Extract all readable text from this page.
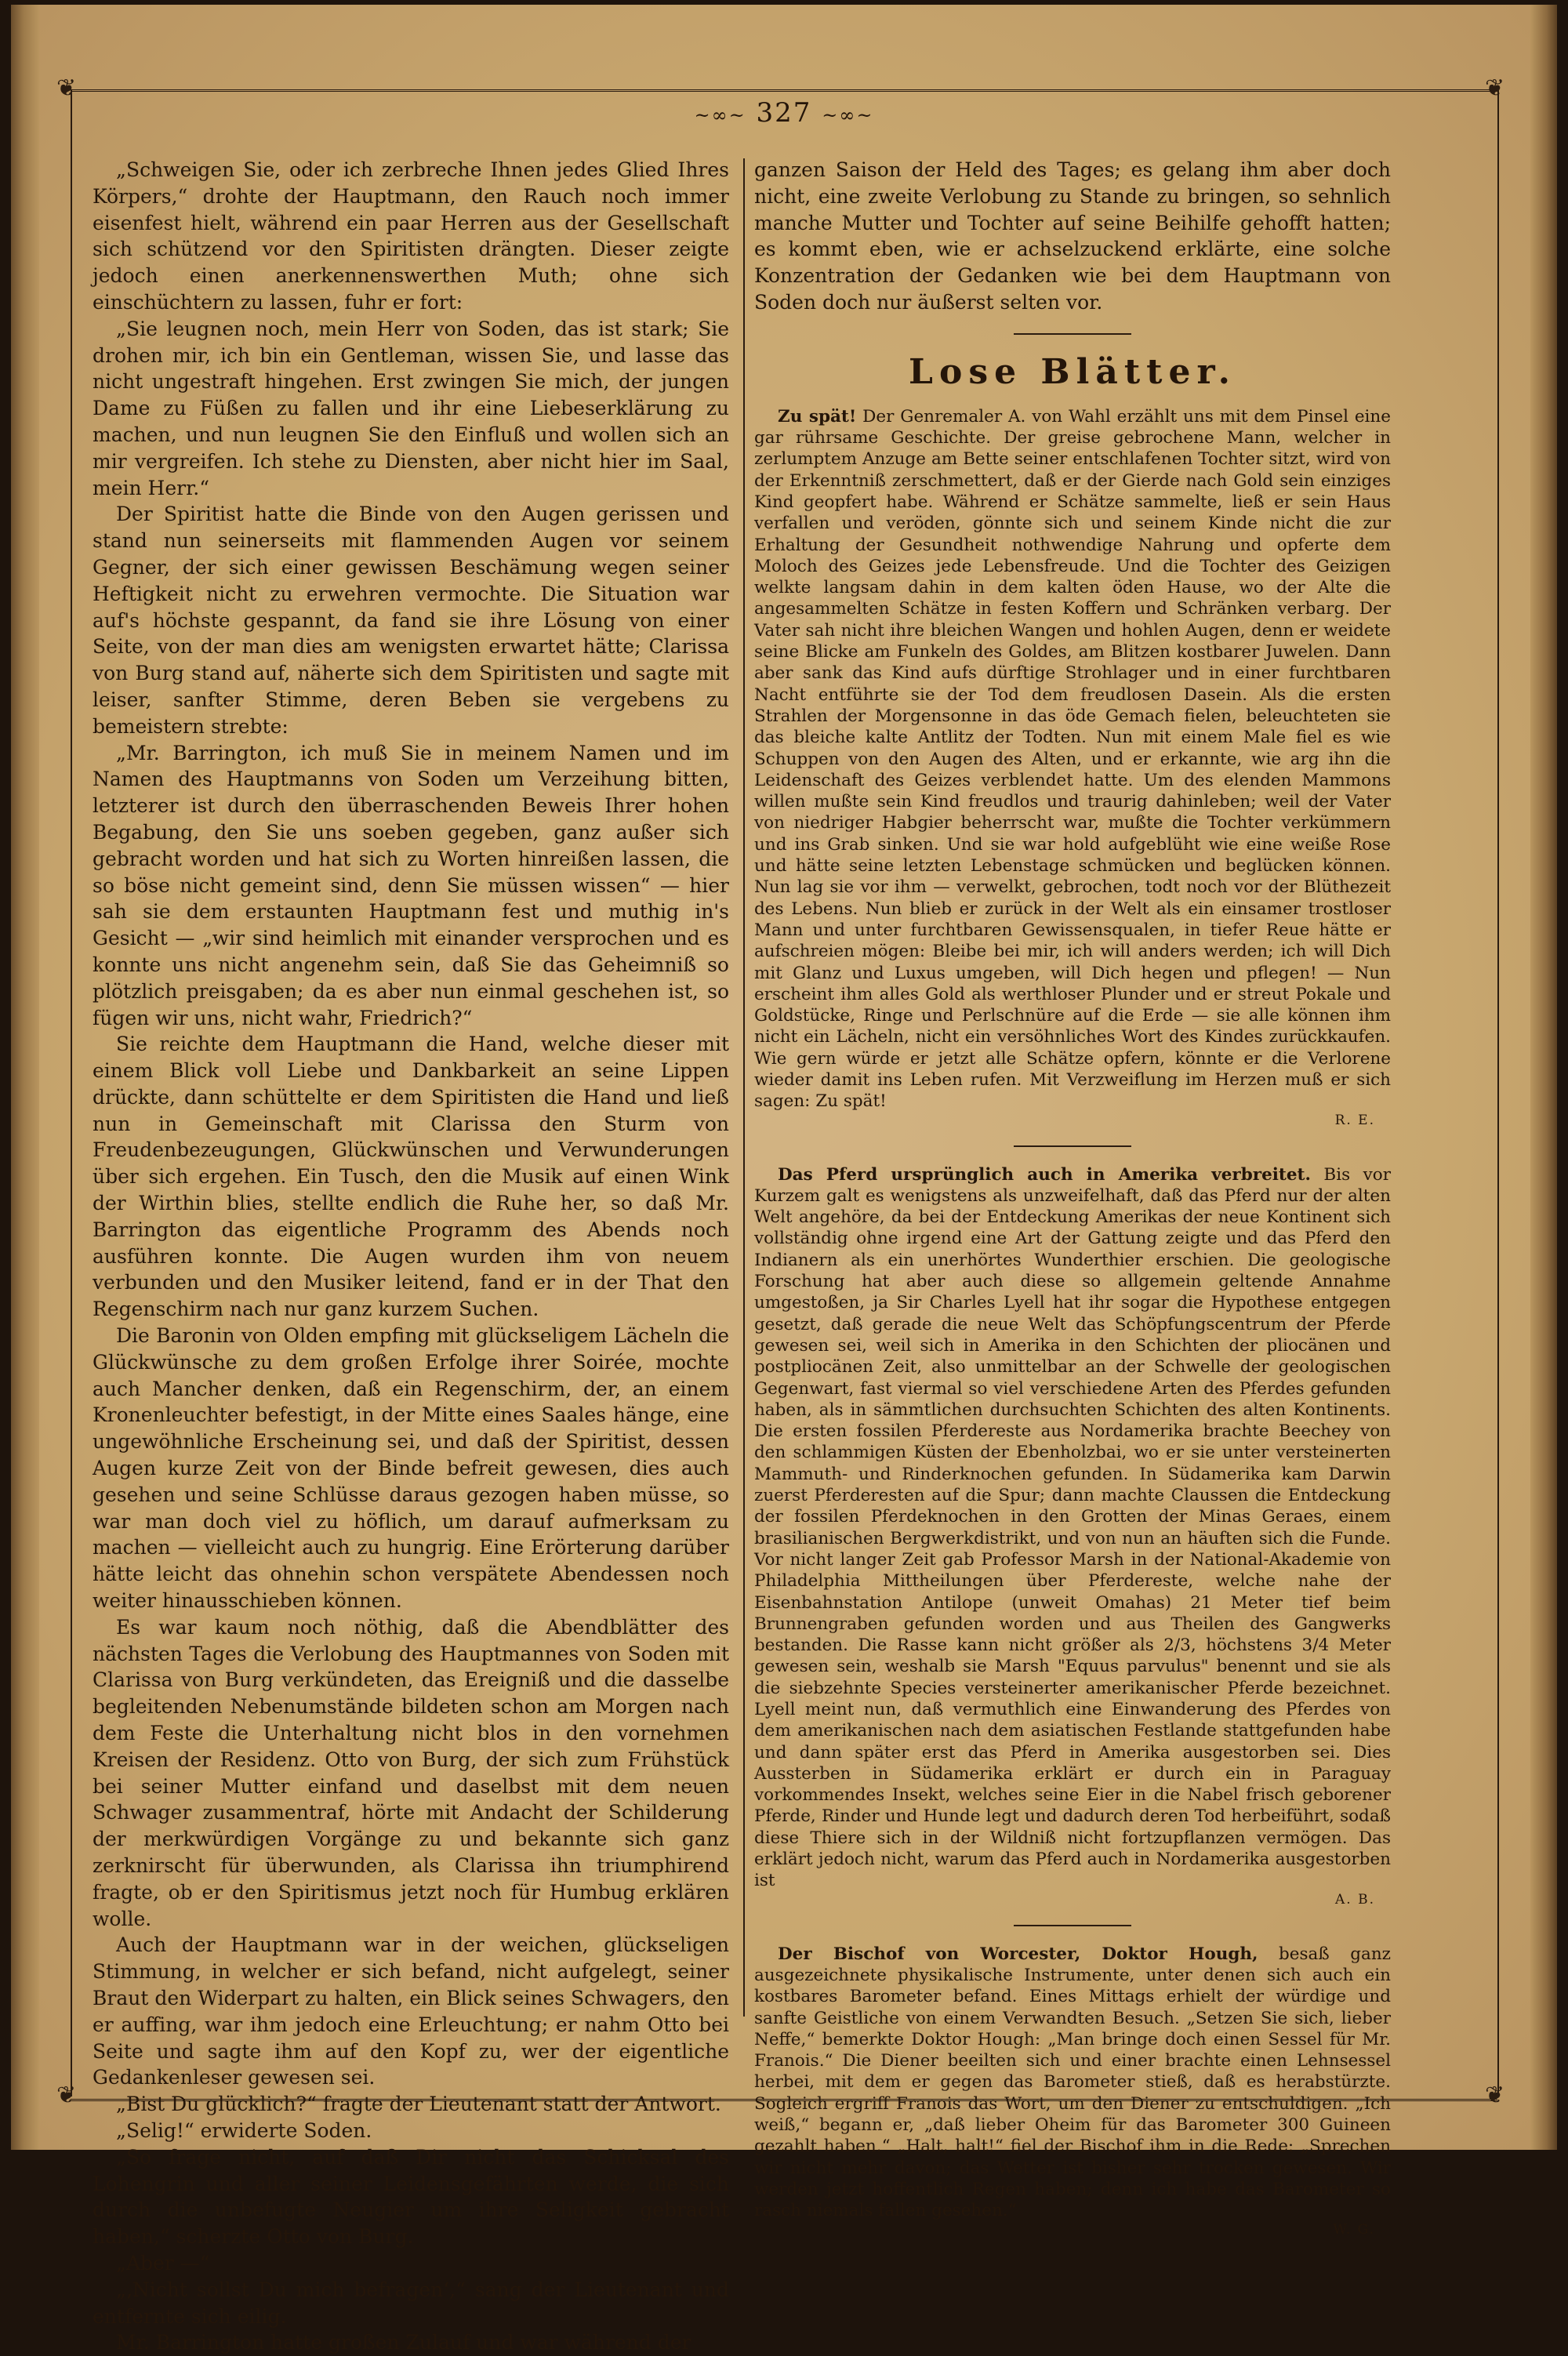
❦	❦
❦	❦
~∞~ 327 ~∞~

„Schweigen Sie, oder ich zerbreche Ihnen jedes Glied Ihres Körpers,“ drohte der Hauptmann, den Rauch noch immer eisenfest hielt, während ein paar Herren aus der Gesellschaft sich schützend vor den Spiritisten drängten. Dieser zeigte jedoch einen anerkennenswerthen Muth; ohne sich einschüchtern zu lassen, fuhr er fort:

„Sie leugnen noch, mein Herr von Soden, das ist stark; Sie drohen mir, ich bin ein Gentleman, wissen Sie, und lasse das nicht ungestraft hingehen. Erst zwingen Sie mich, der jungen Dame zu Füßen zu fallen und ihr eine Liebeserklärung zu machen, und nun leugnen Sie den Einfluß und wollen sich an mir vergreifen. Ich stehe zu Diensten, aber nicht hier im Saal, mein Herr.“

Der Spiritist hatte die Binde von den Augen gerissen und stand nun seinerseits mit flammenden Augen vor seinem Gegner, der sich einer gewissen Beschämung wegen seiner Heftigkeit nicht zu erwehren vermochte. Die Situation war auf's höchste gespannt, da fand sie ihre Lösung von einer Seite, von der man dies am wenigsten erwartet hätte; Clarissa von Burg stand auf, näherte sich dem Spiritisten und sagte mit leiser, sanfter Stimme, deren Beben sie vergebens zu bemeistern strebte:

„Mr. Barrington, ich muß Sie in meinem Namen und im Namen des Hauptmanns von Soden um Verzeihung bitten, letzterer ist durch den überraschenden Beweis Ihrer hohen Begabung, den Sie uns soeben gegeben, ganz außer sich gebracht worden und hat sich zu Worten hinreißen lassen, die so böse nicht gemeint sind, denn Sie müssen wissen“ — hier sah sie dem erstaunten Hauptmann fest und muthig in's Gesicht — „wir sind heimlich mit einander versprochen und es konnte uns nicht angenehm sein, daß Sie das Geheimniß so plötzlich preisgaben; da es aber nun einmal geschehen ist, so fügen wir uns, nicht wahr, Friedrich?“

Sie reichte dem Hauptmann die Hand, welche dieser mit einem Blick voll Liebe und Dankbarkeit an seine Lippen drückte, dann schüttelte er dem Spiritisten die Hand und ließ nun in Gemeinschaft mit Clarissa den Sturm von Freudenbezeugungen, Glückwünschen und Verwunderungen über sich ergehen. Ein Tusch, den die Musik auf einen Wink der Wirthin blies, stellte endlich die Ruhe her, so daß Mr. Barrington das eigentliche Programm des Abends noch ausführen konnte. Die Augen wurden ihm von neuem verbunden und den Musiker leitend, fand er in der That den Regenschirm nach nur ganz kurzem Suchen.

Die Baronin von Olden empfing mit glückseligem Lächeln die Glückwünsche zu dem großen Erfolge ihrer Soirée, mochte auch Mancher denken, daß ein Regenschirm, der, an einem Kronenleuchter befestigt, in der Mitte eines Saales hänge, eine ungewöhnliche Erscheinung sei, und daß der Spiritist, dessen Augen kurze Zeit von der Binde befreit gewesen, dies auch gesehen und seine Schlüsse daraus gezogen haben müsse, so war man doch viel zu höflich, um darauf aufmerksam zu machen — vielleicht auch zu hungrig. Eine Erörterung darüber hätte leicht das ohnehin schon verspätete Abendessen noch weiter hinausschieben können.

Es war kaum noch nöthig, daß die Abendblätter des nächsten Tages die Verlobung des Hauptmannes von Soden mit Clarissa von Burg verkündeten, das Ereigniß und die dasselbe begleitenden Nebenumstände bildeten schon am Morgen nach dem Feste die Unterhaltung nicht blos in den vornehmen Kreisen der Residenz. Otto von Burg, der sich zum Frühstück bei seiner Mutter einfand und daselbst mit dem neuen Schwager zusammentraf, hörte mit Andacht der Schilderung der merkwürdigen Vorgänge zu und bekannte sich ganz zerknirscht für überwunden, als Clarissa ihn triumphirend fragte, ob er den Spiritismus jetzt noch für Humbug erklären wolle.

Auch der Hauptmann war in der weichen, glückseligen Stimmung, in welcher er sich befand, nicht aufgelegt, seiner Braut den Widerpart zu halten, ein Blick seines Schwagers, den er auffing, war ihm jedoch eine Erleuchtung; er nahm Otto bei Seite und sagte ihm auf den Kopf zu, wer der eigentliche Gedankenleser gewesen sei.

„Bist Du glücklich?“ fragte der Lieutenant statt der Antwort.

„Selig!“ erwiderte Soden.

„So frage nicht, auf daß Dir nicht das Schicksal des Lohengrin und aller seiner Leidensgefährten werde, die sich durch die unbefugte Neugier um ihre Seligkeit gebracht haben,“ scherzte Otto von Burg.

„Aber —“

„‚Nicht sollst Du mich befragen‘,“ sang der Lieutenant und entfernte sich eilig.

Mr. Barrington hatte großen Zulauf und war während der

ganzen Saison der Held des Tages; es gelang ihm aber doch nicht, eine zweite Verlobung zu Stande zu bringen, so sehnlich manche Mutter und Tochter auf seine Beihilfe gehofft hatten; es kommt eben, wie er achselzuckend erklärte, eine solche Konzentration der Gedanken wie bei dem Hauptmann von Soden doch nur äußerst selten vor.

Lose Blätter.

Zu spät! Der Genremaler A. von Wahl erzählt uns mit dem Pinsel eine gar rührsame Geschichte. Der greise gebrochene Mann, welcher in zerlumptem Anzuge am Bette seiner entschlafenen Tochter sitzt, wird von der Erkenntniß zerschmettert, daß er der Gierde nach Gold sein einziges Kind geopfert habe. Während er Schätze sammelte, ließ er sein Haus verfallen und veröden, gönnte sich und seinem Kinde nicht die zur Erhaltung der Gesundheit nothwendige Nahrung und opferte dem Moloch des Geizes jede Lebensfreude. Und die Tochter des Geizigen welkte langsam dahin in dem kalten öden Hause, wo der Alte die angesammelten Schätze in festen Koffern und Schränken verbarg. Der Vater sah nicht ihre bleichen Wangen und hohlen Augen, denn er weidete seine Blicke am Funkeln des Goldes, am Blitzen kostbarer Juwelen. Dann aber sank das Kind aufs dürftige Strohlager und in einer furchtbaren Nacht entführte sie der Tod dem freudlosen Dasein. Als die ersten Strahlen der Morgensonne in das öde Gemach fielen, beleuchteten sie das bleiche kalte Antlitz der Todten. Nun mit einem Male fiel es wie Schuppen von den Augen des Alten, und er erkannte, wie arg ihn die Leidenschaft des Geizes verblendet hatte. Um des elenden Mammons willen mußte sein Kind freudlos und traurig dahinleben; weil der Vater von niedriger Habgier beherrscht war, mußte die Tochter verkümmern und ins Grab sinken. Und sie war hold aufgeblüht wie eine weiße Rose und hätte seine letzten Lebenstage schmücken und beglücken können. Nun lag sie vor ihm — verwelkt, gebrochen, todt noch vor der Blüthezeit des Lebens. Nun blieb er zurück in der Welt als ein einsamer trostloser Mann und unter furchtbaren Gewissensqualen, in tiefer Reue hätte er aufschreien mögen: Bleibe bei mir, ich will anders werden; ich will Dich mit Glanz und Luxus umgeben, will Dich hegen und pflegen! — Nun erscheint ihm alles Gold als werthloser Plunder und er streut Pokale und Goldstücke, Ringe und Perlschnüre auf die Erde — sie alle können ihm nicht ein Lächeln, nicht ein versöhnliches Wort des Kindes zurückkaufen. Wie gern würde er jetzt alle Schätze opfern, könnte er die Verlorene wieder damit ins Leben rufen. Mit Verzweiflung im Herzen muß er sich sagen: Zu spät!

R. E.

Das Pferd ursprünglich auch in Amerika verbreitet. Bis vor Kurzem galt es wenigstens als unzweifelhaft, daß das Pferd nur der alten Welt angehöre, da bei der Entdeckung Amerikas der neue Kontinent sich vollständig ohne irgend eine Art der Gattung zeigte und das Pferd den Indianern als ein unerhörtes Wunderthier erschien. Die geologische Forschung hat aber auch diese so allgemein geltende Annahme umgestoßen, ja Sir Charles Lyell hat ihr sogar die Hypothese entgegen gesetzt, daß gerade die neue Welt das Schöpfungscentrum der Pferde gewesen sei, weil sich in Amerika in den Schichten der pliocänen und postpliocänen Zeit, also unmittelbar an der Schwelle der geologischen Gegenwart, fast viermal so viel verschiedene Arten des Pferdes gefunden haben, als in sämmtlichen durchsuchten Schichten des alten Kontinents. Die ersten fossilen Pferdereste aus Nordamerika brachte Beechey von den schlammigen Küsten der Ebenholzbai, wo er sie unter versteinerten Mammuth- und Rinderknochen gefunden. In Südamerika kam Darwin zuerst Pferderesten auf die Spur; dann machte Claussen die Entdeckung der fossilen Pferdeknochen in den Grotten der Minas Geraes, einem brasilianischen Bergwerkdistrikt, und von nun an häuften sich die Funde. Vor nicht langer Zeit gab Professor Marsh in der National-Akademie von Philadelphia Mittheilungen über Pferdereste, welche nahe der Eisenbahnstation Antilope (unweit Omahas) 21 Meter tief beim Brunnengraben gefunden worden und aus Theilen des Gangwerks bestanden. Die Rasse kann nicht größer als 2/3, höchstens 3/4 Meter gewesen sein, weshalb sie Marsh "Equus parvulus" benennt und sie als die siebzehnte Species versteinerter amerikanischer Pferde bezeichnet. Lyell meint nun, daß vermuthlich eine Einwanderung des Pferdes von dem amerikanischen nach dem asiatischen Festlande stattgefunden habe und dann später erst das Pferd in Amerika ausgestorben sei. Dies Aussterben in Südamerika erklärt er durch ein in Paraguay vorkommendes Insekt, welches seine Eier in die Nabel frisch geborener Pferde, Rinder und Hunde legt und dadurch deren Tod herbeiführt, sodaß diese Thiere sich in der Wildniß nicht fortzupflanzen vermögen. Das erklärt jedoch nicht, warum das Pferd auch in Nordamerika ausgestorben ist

A. B.

Der Bischof von Worcester, Doktor Hough, besaß ganz ausgezeichnete physikalische Instrumente, unter denen sich auch ein kostbares Barometer befand. Eines Mittags erhielt der würdige und sanfte Geistliche von einem Verwandten Besuch. „Setzen Sie sich, lieber Neffe,“ bemerkte Doktor Hough: „Man bringe doch einen Sessel für Mr. Franois.“ Die Diener beeilten sich und einer brachte einen Lehnsessel herbei, mit dem er gegen das Barometer stieß, daß es herabstürzte. Sogleich ergriff Franois das Wort, um den Diener zu entschuldigen. „Ich weiß,“ begann er, „daß lieber Oheim für das Barometer 300 Guineen gezahlt haben.“ „Halt, halt!“ fiel der Bischof ihm in die Rede: „Sprechen wir nicht mehr davon; das Wetter ist bisher sehr trocken gewesen. Wir werden jetzt hoffentlich Regen haben; denn ich habe das Barometer so rasch niemals fallen gesehen.“

W. G.
